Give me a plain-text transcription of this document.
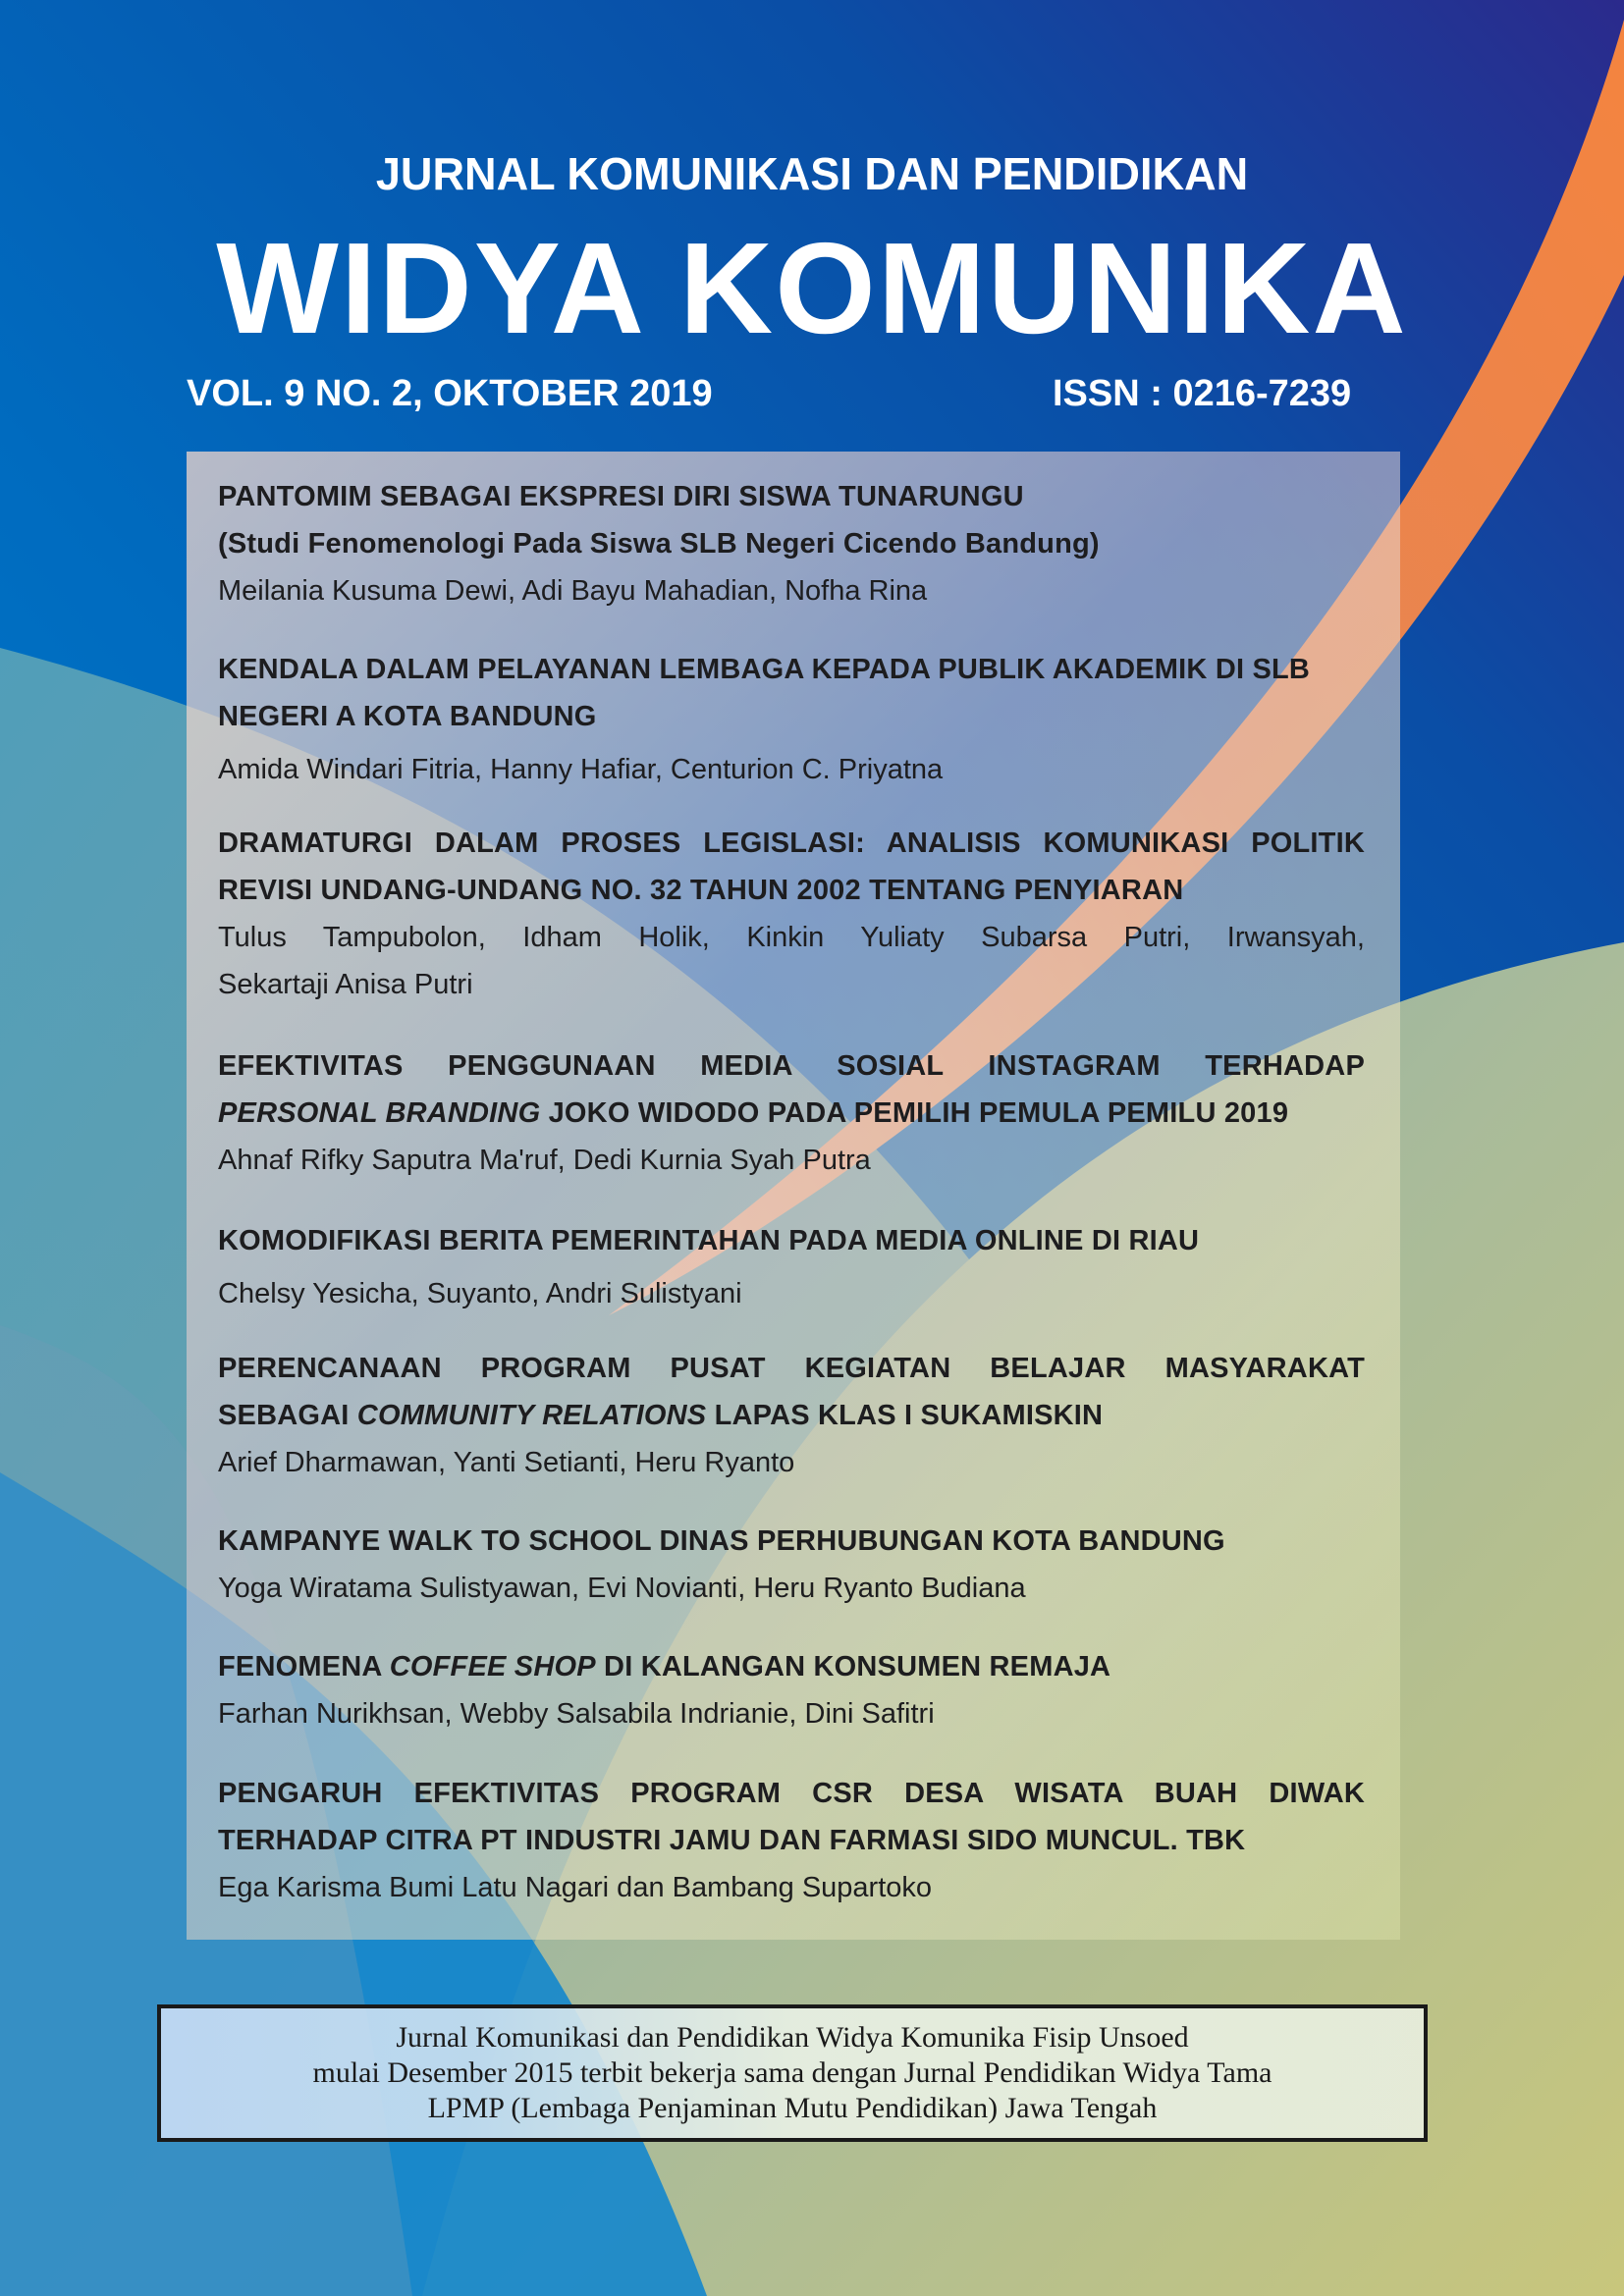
JURNAL KOMUNIKASI DAN PENDIDIKAN
WIDYA KOMUNIKA
VOL. 9 NO. 2, OKTOBER 2019	ISSN : 0216-7239
PANTOMIM SEBAGAI EKSPRESI DIRI SISWA TUNARUNGU
(Studi Fenomenologi Pada Siswa SLB Negeri Cicendo Bandung)
Meilania Kusuma Dewi, Adi Bayu Mahadian, Nofha Rina
KENDALA DALAM PELAYANAN LEMBAGA KEPADA PUBLIK AKADEMIK DI SLB
NEGERI A KOTA BANDUNG
Amida Windari Fitria, Hanny Hafiar, Centurion C. Priyatna
DRAMATURGI DALAM PROSES LEGISLASI: ANALISIS KOMUNIKASI POLITIK
REVISI UNDANG-UNDANG NO. 32 TAHUN 2002 TENTANG PENYIARAN
Tulus Tampubolon, Idham Holik, Kinkin Yuliaty Subarsa Putri, Irwansyah,
Sekartaji Anisa Putri
EFEKTIVITAS PENGGUNAAN MEDIA SOSIAL INSTAGRAM TERHADAP
PERSONAL BRANDING JOKO WIDODO PADA PEMILIH PEMULA PEMILU 2019
Ahnaf Rifky Saputra Ma'ruf, Dedi Kurnia Syah Putra
KOMODIFIKASI BERITA PEMERINTAHAN PADA MEDIA ONLINE DI RIAU
Chelsy Yesicha, Suyanto, Andri Sulistyani
PERENCANAAN PROGRAM PUSAT KEGIATAN BELAJAR MASYARAKAT
SEBAGAI COMMUNITY RELATIONS LAPAS KLAS I SUKAMISKIN
Arief Dharmawan, Yanti Setianti, Heru Ryanto
KAMPANYE WALK TO SCHOOL DINAS PERHUBUNGAN KOTA BANDUNG
Yoga Wiratama Sulistyawan, Evi Novianti, Heru Ryanto Budiana
FENOMENA COFFEE SHOP DI KALANGAN KONSUMEN REMAJA
Farhan Nurikhsan, Webby Salsabila Indrianie, Dini Safitri
PENGARUH EFEKTIVITAS PROGRAM CSR DESA WISATA BUAH DIWAK
TERHADAP CITRA PT INDUSTRI JAMU DAN FARMASI SIDO MUNCUL. TBK
Ega Karisma Bumi Latu Nagari dan Bambang Supartoko
Jurnal Komunikasi dan Pendidikan Widya Komunika Fisip Unsoed
mulai Desember 2015 terbit bekerja sama dengan Jurnal Pendidikan Widya Tama
LPMP (Lembaga Penjaminan Mutu Pendidikan) Jawa Tengah
